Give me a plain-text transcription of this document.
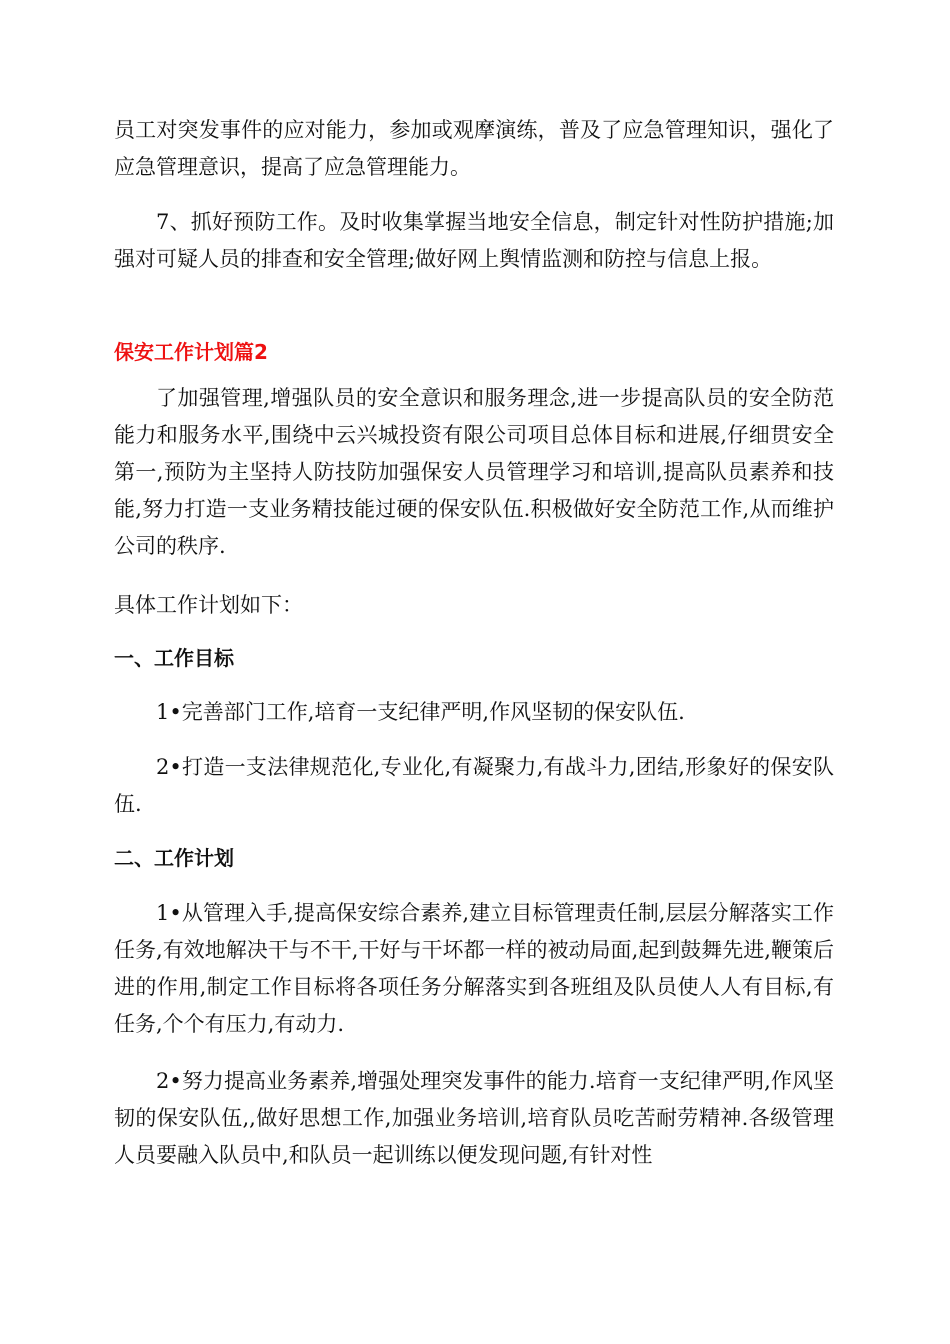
员工对突发事件的应对能力，参加或观摩演练，普及了应急管理知识，强化了应急管理意识，提高了应急管理能力。

7、抓好预防工作。及时收集掌握当地安全信息，制定针对性防护措施;加强对可疑人员的排查和安全管理;做好网上舆情监测和防控与信息上报。

保安工作计划篇2

了加强管理,增强队员的安全意识和服务理念,进一步提高队员的安全防范能力和服务水平,围绕中云兴城投资有限公司项目总体目标和进展,仔细贯安全第一,预防为主坚持人防技防加强保安人员管理学习和培训,提高队员素养和技能,努力打造一支业务精技能过硬的保安队伍.积极做好安全防范工作,从而维护公司的秩序.

具体工作计划如下：

一、工作目标

1•完善部门工作,培育一支纪律严明,作风坚韧的保安队伍.

2•打造一支法律规范化,专业化,有凝聚力,有战斗力,团结,形象好的保安队伍.

二、工作计划

1•从管理入手,提高保安综合素养,建立目标管理责任制,层层分解落实工作任务,有效地解决干与不干,干好与干坏都一样的被动局面,起到鼓舞先进,鞭策后进的作用,制定工作目标将各项任务分解落实到各班组及队员使人人有目标,有任务,个个有压力,有动力.

2•努力提高业务素养,增强处理突发事件的能力.培育一支纪律严明,作风坚韧的保安队伍,,做好思想工作,加强业务培训,培育队员吃苦耐劳精神.各级管理人员要融入队员中,和队员一起训练以便发现问题,有针对性
